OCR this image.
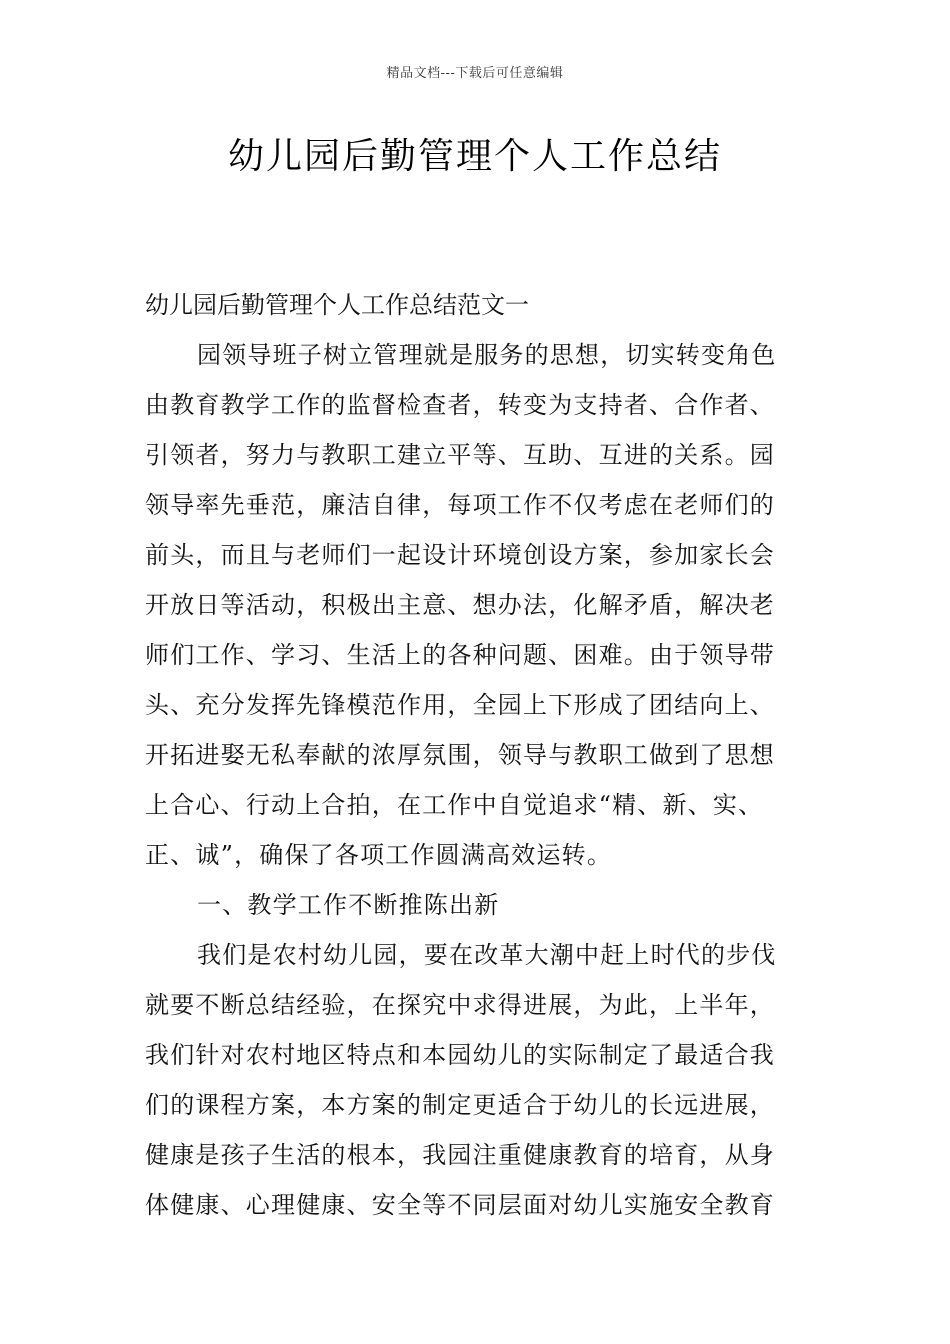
精品文档---下载后可任意编辑
幼儿园后勤管理个人工作总结
幼儿园后勤管理个人工作总结范文一
园领导班子树立管理就是服务的思想，切实转变角色
由教育教学工作的监督检查者，转变为支持者、合作者、
引领者，努力与教职工建立平等、互助、互进的关系。园
领导率先垂范，廉洁自律，每项工作不仅考虑在老师们的
前头，而且与老师们一起设计环境创设方案，参加家长会
开放日等活动，积极出主意、想办法，化解矛盾，解决老
师们工作、学习、生活上的各种问题、困难。由于领导带
头、充分发挥先锋模范作用，全园上下形成了团结向上、
开拓进娶无私奉献的浓厚氛围，领导与教职工做到了思想
上合心、行动上合拍，在工作中自觉追求“精、新、实、
正、诚”，确保了各项工作圆满高效运转。
一、教学工作不断推陈出新
我们是农村幼儿园，要在改革大潮中赶上时代的步伐
就要不断总结经验，在探究中求得进展，为此，上半年，
我们针对农村地区特点和本园幼儿的实际制定了最适合我
们的课程方案，本方案的制定更适合于幼儿的长远进展，
健康是孩子生活的根本，我园注重健康教育的培育，从身
体健康、心理健康、安全等不同层面对幼儿实施安全教育
